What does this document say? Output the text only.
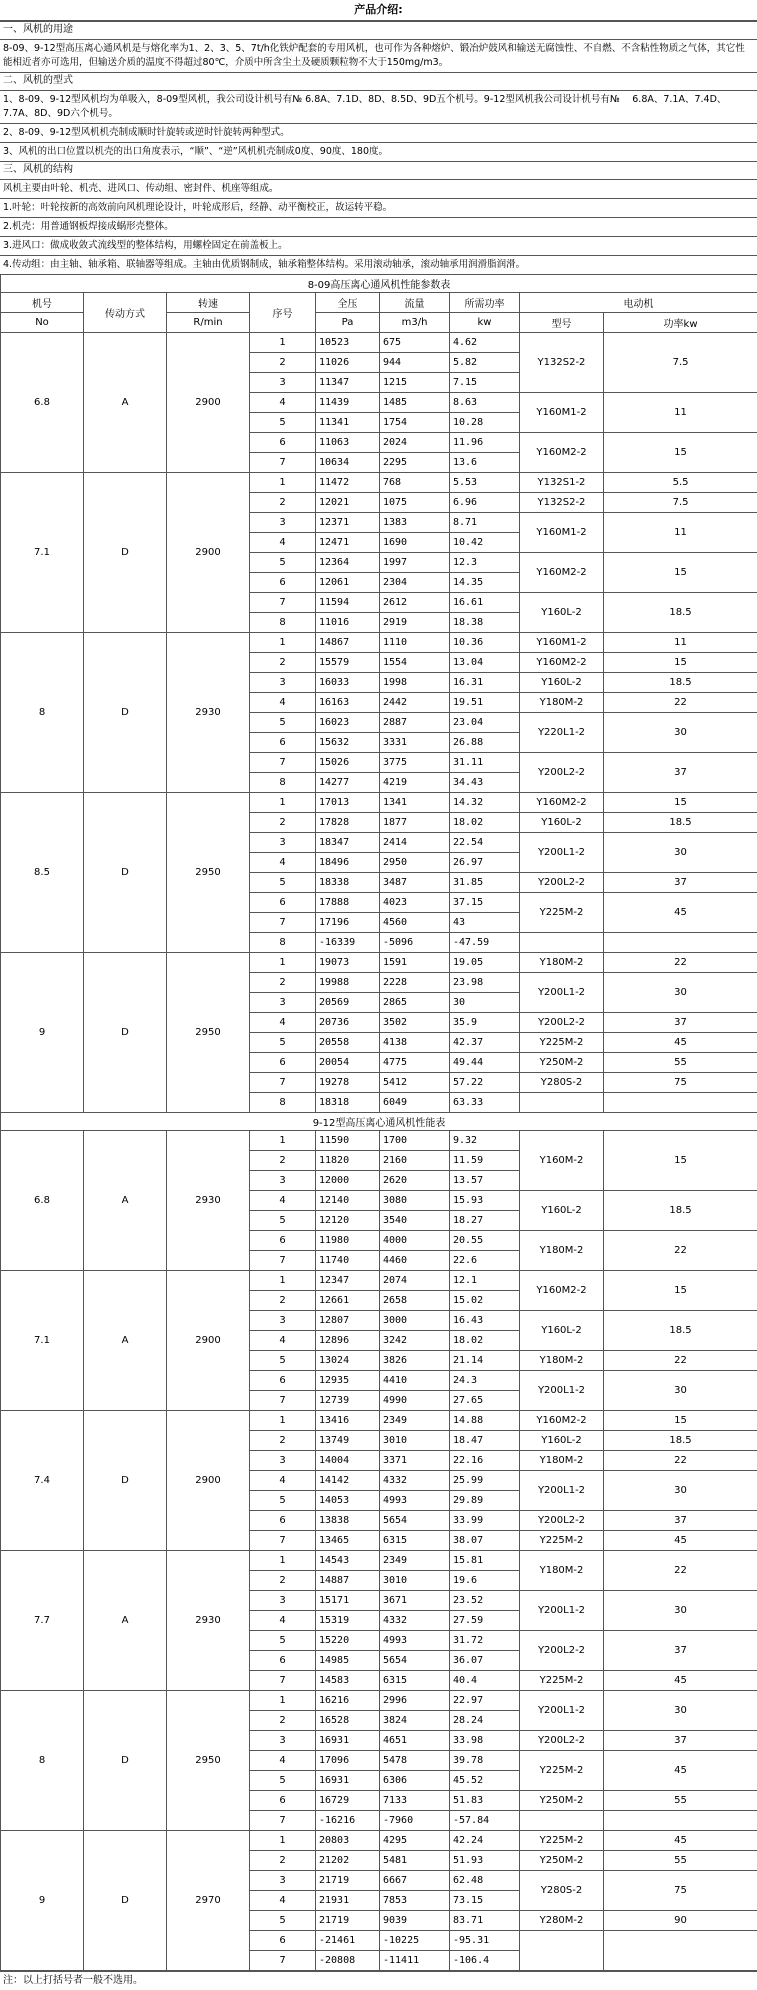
产品介绍:
一、风机的用途
8-09、9-12型高压离心通风机是与熔化率为1、2、3、5、7t/h化铁炉配套的专用风机，也可作为各种熔炉、锻冶炉鼓风和输送无腐蚀性、不自燃、不含粘性物质之气体，其它性能相近者亦可选用，但输送介质的温度不得超过80℃，介质中所含尘土及硬质颗粒物不大于150mg/m3。
二、风机的型式
1、8-09、9-12型风机均为单吸入，8-09型风机，我公司设计机号有№ 6.8A、7.1D、8D、8.5D、9D五个机号。9-12型风机我公司设计机号有№　 6.8A、7.1A、7.4D、7.7A、8D、9D六个机号。
2、8-09、9-12型风机机壳制成顺时针旋转或逆时针旋转两种型式。
3、风机的出口位置以机壳的出口角度表示，“顺”、“逆”风机机壳制成0度、90度、180度。
三、风机的结构
风机主要由叶轮、机壳、进风口、传动组、密封件、机座等组成。
1.叶轮：叶轮按新的高效前向风机理论设计，叶轮成形后，经静、动平衡校正，故运转平稳。
2.机壳：用普通钢板焊接成蜗形壳整体。
3.进风口：做成收敛式流线型的整体结构，用螺栓固定在前盖板上。
4.传动组：由主轴、轴承箱、联轴器等组成。主轴由优质钢制成，轴承箱整体结构。采用滚动轴承，滚动轴承用润滑脂润滑。
8-09高压离心通风机性能参数表								
机号	传动方式	转速	序号	全压	流量	所需功率	电动机	
No		R/min		Pa	m3/h	kw	型号	功率kw
6.8	A	2900	1	10523	675	4.62	Y132S2-2	7.5
			2	11026	944	5.82		
			3	11347	1215	7.15		
			4	11439	1485	8.63	Y160M1-2	11
			5	11341	1754	10.28		
			6	11063	2024	11.96	Y160M2-2	15
			7	10634	2295	13.6		
7.1	D	2900	1	11472	768	5.53	Y132S1-2	5.5
			2	12021	1075	6.96	Y132S2-2	7.5
			3	12371	1383	8.71	Y160M1-2	11
			4	12471	1690	10.42		
			5	12364	1997	12.3	Y160M2-2	15
			6	12061	2304	14.35		
			7	11594	2612	16.61	Y160L-2	18.5
			8	11016	2919	18.38		
8	D	2930	1	14867	1110	10.36	Y160M1-2	11
			2	15579	1554	13.04	Y160M2-2	15
			3	16033	1998	16.31	Y160L-2	18.5
			4	16163	2442	19.51	Y180M-2	22
			5	16023	2887	23.04	Y220L1-2	30
			6	15632	3331	26.88		
			7	15026	3775	31.11	Y200L2-2	37
			8	14277	4219	34.43		
8.5	D	2950	1	17013	1341	14.32	Y160M2-2	15
			2	17828	1877	18.02	Y160L-2	18.5
			3	18347	2414	22.54	Y200L1-2	30
			4	18496	2950	26.97		
			5	18338	3487	31.85	Y200L2-2	37
			6	17888	4023	37.15	Y225M-2	45
			7	17196	4560	43		
			8	-16339	-5096	-47.59		
9	D	2950	1	19073	1591	19.05	Y180M-2	22
			2	19988	2228	23.98	Y200L1-2	30
			3	20569	2865	30		
			4	20736	3502	35.9	Y200L2-2	37
			5	20558	4138	42.37	Y225M-2	45
			6	20054	4775	49.44	Y250M-2	55
			7	19278	5412	57.22	Y280S-2	75
			8	18318	6049	63.33		
9-12型高压离心通风机性能表								
6.8	A	2930	1	11590	1700	9.32	Y160M-2	15
			2	11820	2160	11.59		
			3	12000	2620	13.57		
			4	12140	3080	15.93	Y160L-2	18.5
			5	12120	3540	18.27		
			6	11980	4000	20.55	Y180M-2	22
			7	11740	4460	22.6		
7.1	A	2900	1	12347	2074	12.1	Y160M2-2	15
			2	12661	2658	15.02		
			3	12807	3000	16.43	Y160L-2	18.5
			4	12896	3242	18.02		
			5	13024	3826	21.14	Y180M-2	22
			6	12935	4410	24.3	Y200L1-2	30
			7	12739	4990	27.65		
7.4	D	2900	1	13416	2349	14.88	Y160M2-2	15
			2	13749	3010	18.47	Y160L-2	18.5
			3	14004	3371	22.16	Y180M-2	22
			4	14142	4332	25.99	Y200L1-2	30
			5	14053	4993	29.89		
			6	13838	5654	33.99	Y200L2-2	37
			7	13465	6315	38.07	Y225M-2	45
7.7	A	2930	1	14543	2349	15.81	Y180M-2	22
			2	14887	3010	19.6		
			3	15171	3671	23.52	Y200L1-2	30
			4	15319	4332	27.59		
			5	15220	4993	31.72	Y200L2-2	37
			6	14985	5654	36.07		
			7	14583	6315	40.4	Y225M-2	45
8	D	2950	1	16216	2996	22.97	Y200L1-2	30
			2	16528	3824	28.24		
			3	16931	4651	33.98	Y200L2-2	37
			4	17096	5478	39.78	Y225M-2	45
			5	16931	6306	45.52		
			6	16729	7133	51.83	Y250M-2	55
			7	-16216	-7960	-57.84		
9	D	2970	1	20803	4295	42.24	Y225M-2	45
			2	21202	5481	51.93	Y250M-2	55
			3	21719	6667	62.48	Y280S-2	75
			4	21931	7853	73.15		
			5	21719	9039	83.71	Y280M-2	90
			6	-21461	-10225	-95.31		
			7	-20808	-11411	-106.4		
注：以上打括号者一般不选用。
